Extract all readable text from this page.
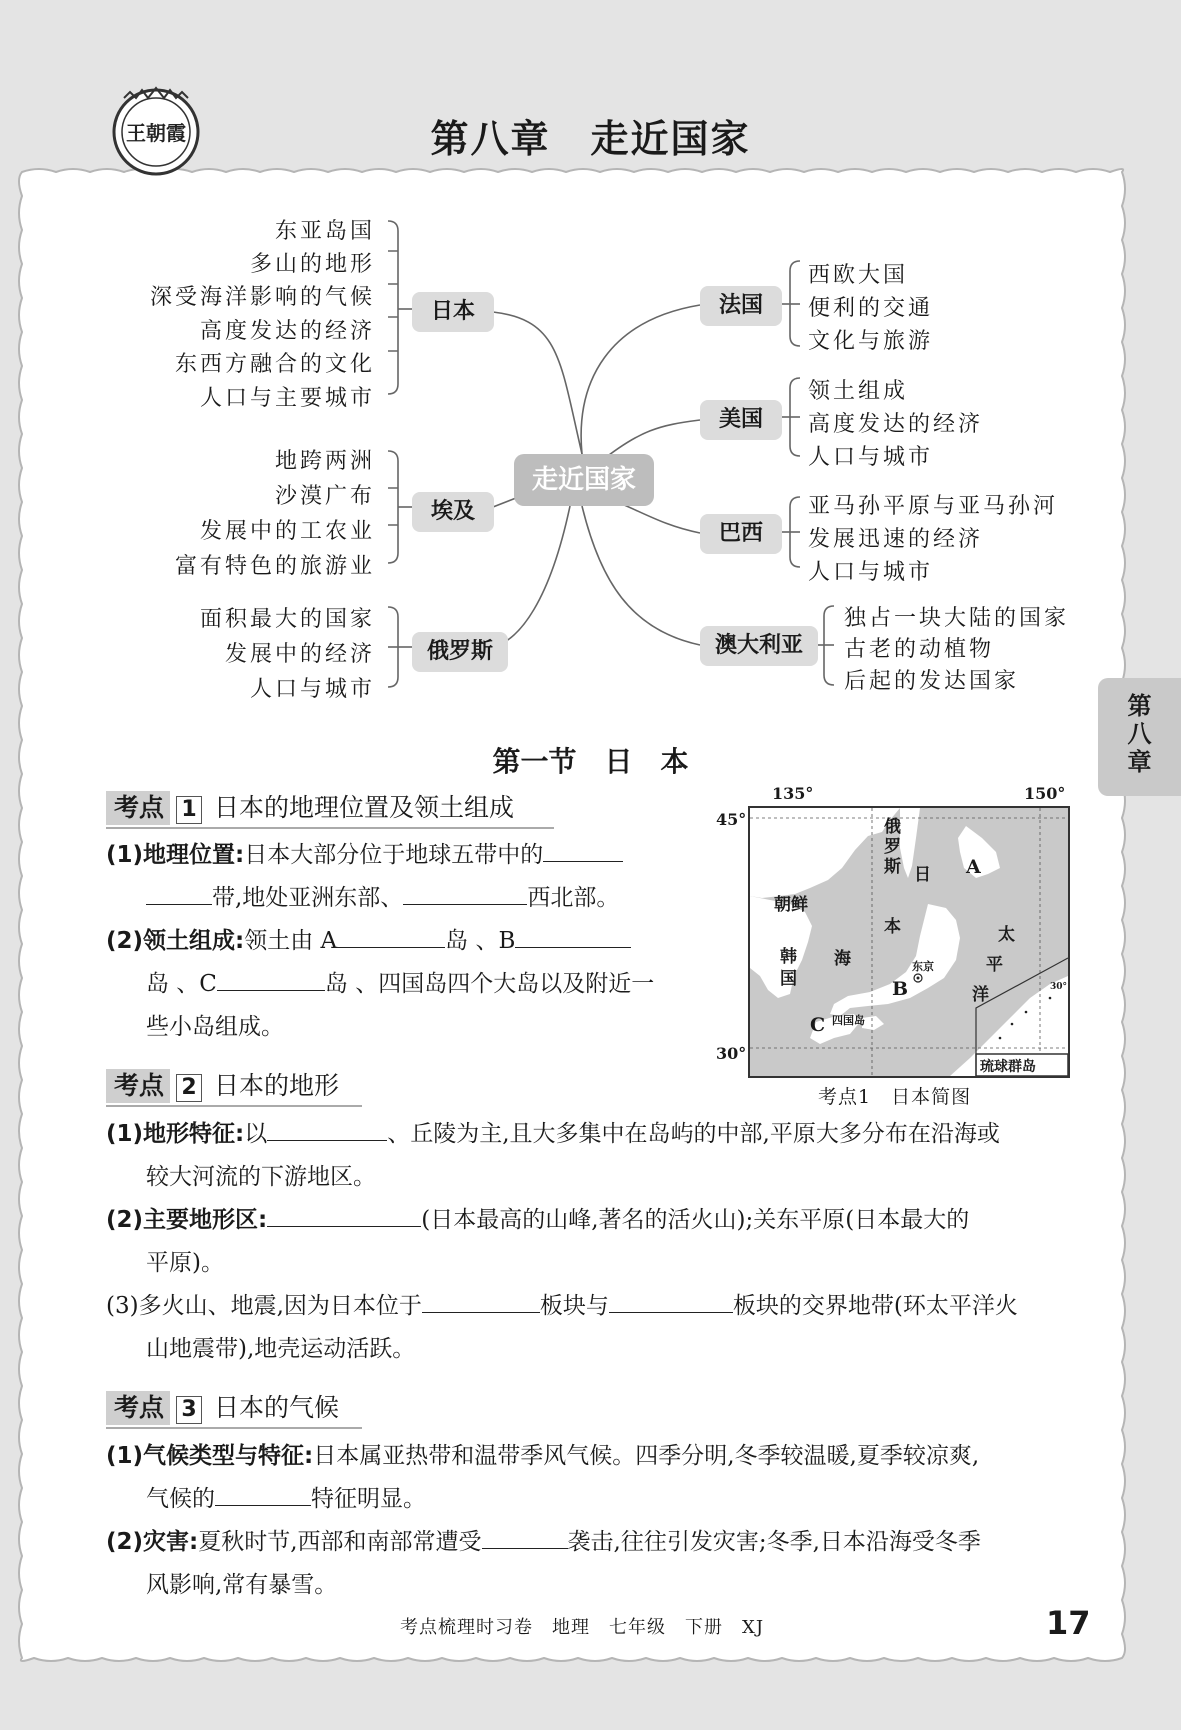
王朝霞	第八章　走近国家
东亚岛国
多山的地形
深受海洋影响的气候
高度发达的经济
东西方融合的文化
人口与主要城市
日本
地跨两洲
沙漠广布
发展中的工农业
富有特色的旅游业
埃及
面积最大的国家
发展中的经济
人口与城市
俄罗斯
走近国家
法国
西欧大国
便利的交通
文化与旅游
美国
领土组成
高度发达的经济
人口与城市
巴西
亚马孙平原与亚马孙河
发展迅速的经济
人口与城市
澳大利亚
独占一块大陆的国家
古老的动植物
后起的发达国家
第八章
第一节　日　本
考点 1 日本的地理位置及领土组成
(1)地理位置:日本大部分位于地球五带中的
带,地处亚洲东部、	西北部。
(2)领土组成:领土由 A	岛 、B
岛 、C	岛 、四国岛四个大岛以及附近一
些小岛组成。
135°	150°
45°
30°
俄
罗
斯
朝鲜
韩
国
日
本
海
太
平
洋
A
B
C
东京
四国岛
琉球群岛
30°
考点1　日本简图
考点 2 日本的地形
(1)地形特征:以	、丘陵为主,且大多集中在岛屿的中部,平原大多分布在沿海或
较大河流的下游地区。
(2)主要地形区:	(日本最高的山峰,著名的活火山);关东平原(日本最大的
平原)。
(3)多火山、地震,因为日本位于	板块与	板块的交界地带(环太平洋火
山地震带),地壳运动活跃。
考点 3 日本的气候
(1)气候类型与特征:日本属亚热带和温带季风气候。四季分明,冬季较温暖,夏季较凉爽,
气候的	特征明显。
(2)灾害:夏秋时节,西部和南部常遭受	袭击,往往引发灾害;冬季,日本沿海受冬季
风影响,常有暴雪。
考点梳理时习卷　地理　七年级　下册　XJ	17
